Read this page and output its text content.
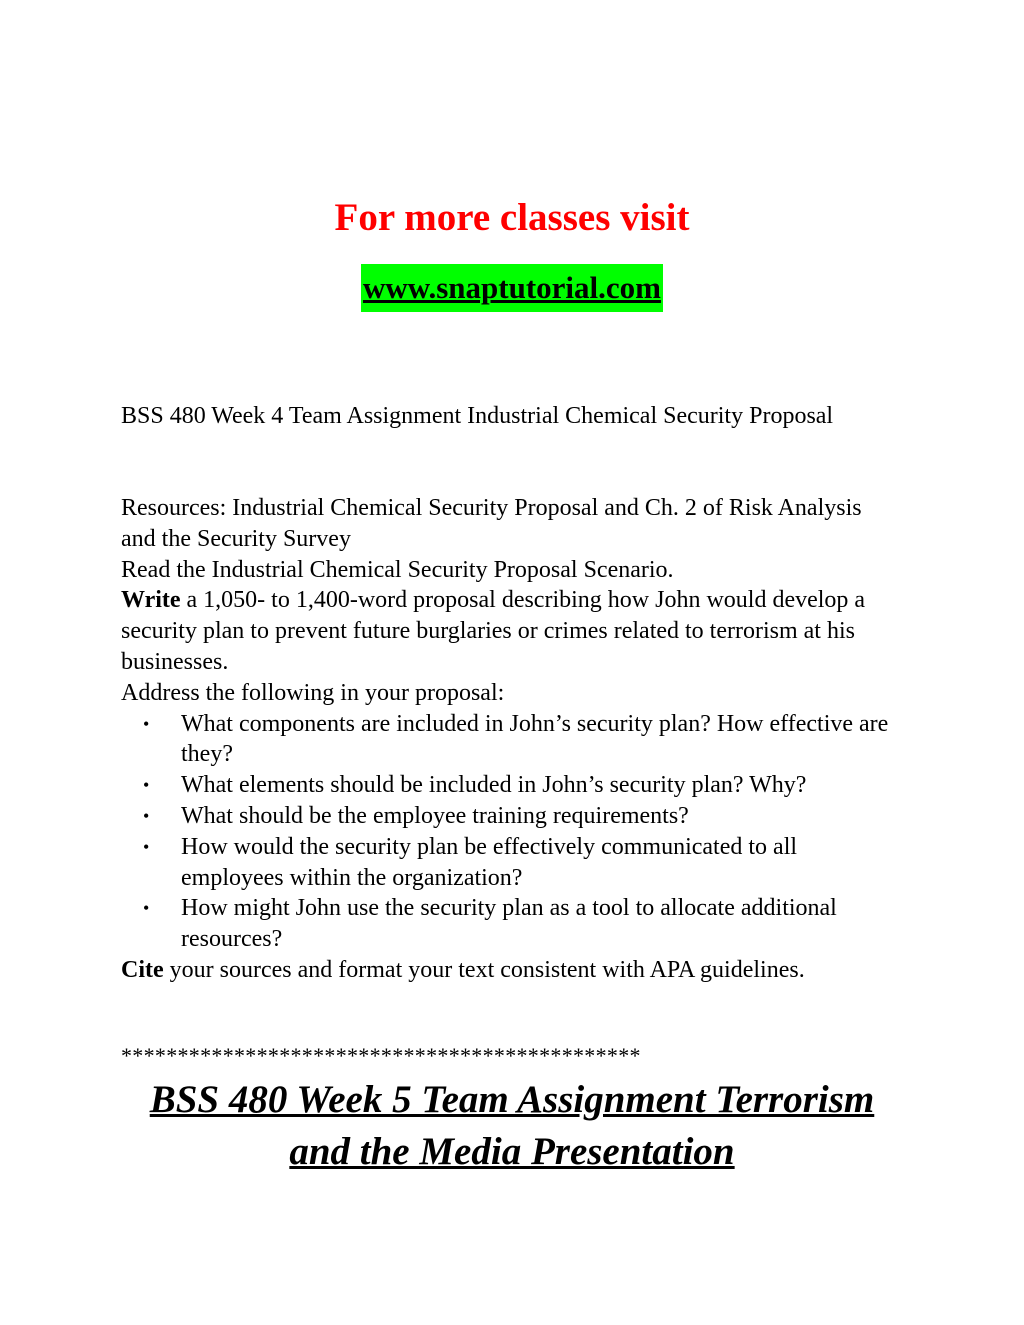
For more classes visit

www.snaptutorial.com

BSS 480 Week 4 Team Assignment Industrial Chemical Security Proposal

Resources: Industrial Chemical Security Proposal and Ch. 2 of Risk Analysis and the Security Survey

Read the Industrial Chemical Security Proposal Scenario.

Write a 1,050- to 1,400-word proposal describing how John would develop a security plan to prevent future burglaries or crimes related to terrorism at his businesses.

Address the following in your proposal:

• What components are included in John’s security plan? How effective are they?
• What elements should be included in John’s security plan? Why?
• What should be the employee training requirements?
• How would the security plan be effectively communicated to all employees within the organization?
• How might John use the security plan as a tool to allocate additional resources?

Cite your sources and format your text consistent with APA guidelines.

**********************************************

BSS 480 Week 5 Team Assignment Terrorism
and the Media Presentation
